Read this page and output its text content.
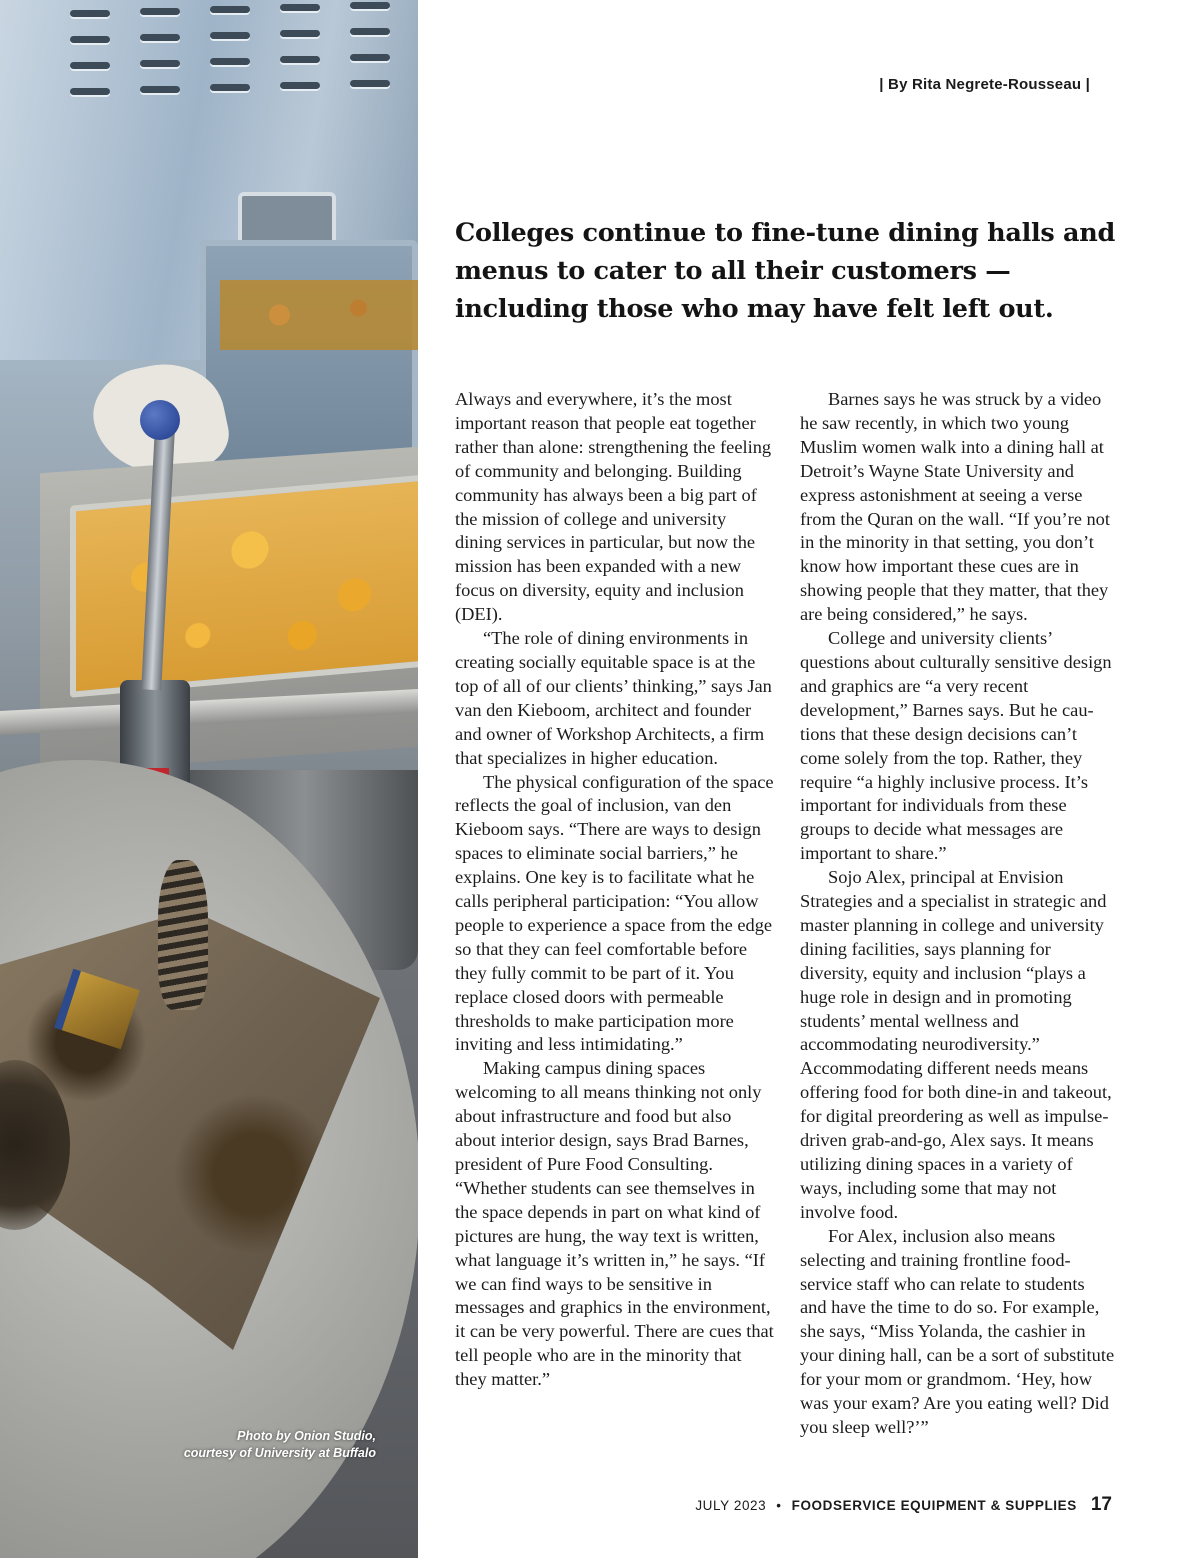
Photo by Onion Studio,
courtesy of University at Buffalo
| By Rita Negrete-Rousseau |
Colleges continue to fine-tune dining halls and menus to cater to all their customers — including those who may have felt left out.

Always and everywhere, it’s the most important reason that people eat together rather than alone: strengthening the feeling of community and belonging. Building community has always been a big part of the mission of college and university dining services in particular, but now the mission has been expanded with a new focus on diversity, equity and inclusion (DEI).

“The role of dining environments in creating socially equitable space is at the top of all of our clients’ thinking,” says Jan van den Kieboom, architect and founder and owner of Workshop Architects, a firm that specializes in higher education.

The physical configuration of the space reflects the goal of inclusion, van den Kieboom says. “There are ways to design spaces to eliminate social barriers,” he explains. One key is to facilitate what he calls peripheral participation: “You allow people to experience a space from the edge so that they can feel comfortable before they fully commit to be part of it. You replace closed doors with permeable thresholds to make participation more inviting and less intimidating.”

Making campus dining spaces welcoming to all means thinking not only about infrastructure and food but also about interior design, says Brad Barnes, president of Pure Food Consulting. “Whether students can see themselves in the space depends in part on what kind of pictures are hung, the way text is written, what language it’s written in,” he says. “If we can find ways to be sensitive in messages and graphics in the environment, it can be very powerful. There are cues that tell people who are in the minority that they matter.”

Barnes says he was struck by a video he saw recently, in which two young Muslim women walk into a dining hall at Detroit’s Wayne State University and express astonishment at seeing a verse from the Quran on the wall. “If you’re not in the minority in that setting, you don’t know how important these cues are in showing people that they matter, that they are being considered,” he says.

College and university clients’ questions about culturally sensitive design and graphics are “a very recent development,” Barnes says. But he cautions that these design decisions can’t come solely from the top. Rather, they require “a highly inclusive process. It’s important for individuals from these groups to decide what messages are important to share.”

Sojo Alex, principal at Envision Strategies and a specialist in strategic and master planning in college and university dining facilities, says planning for diversity, equity and inclusion “plays a huge role in design and in promoting students’ mental wellness and accommodating neurodiversity.” Accommodating different needs means offering food for both dine-in and takeout, for digital preordering as well as impulse-driven grab-and-go, Alex says. It means utilizing dining spaces in a variety of ways, including some that may not involve food.

For Alex, inclusion also means selecting and training frontline foodservice staff who can relate to students and have the time to do so. For example, she says, “Miss Yolanda, the cashier in your dining hall, can be a sort of substitute for your mom or grandmom. ‘Hey, how was your exam? Are you eating well? Did you sleep well?’”

JULY 2023 • FOODSERVICE EQUIPMENT & SUPPLIES 17
